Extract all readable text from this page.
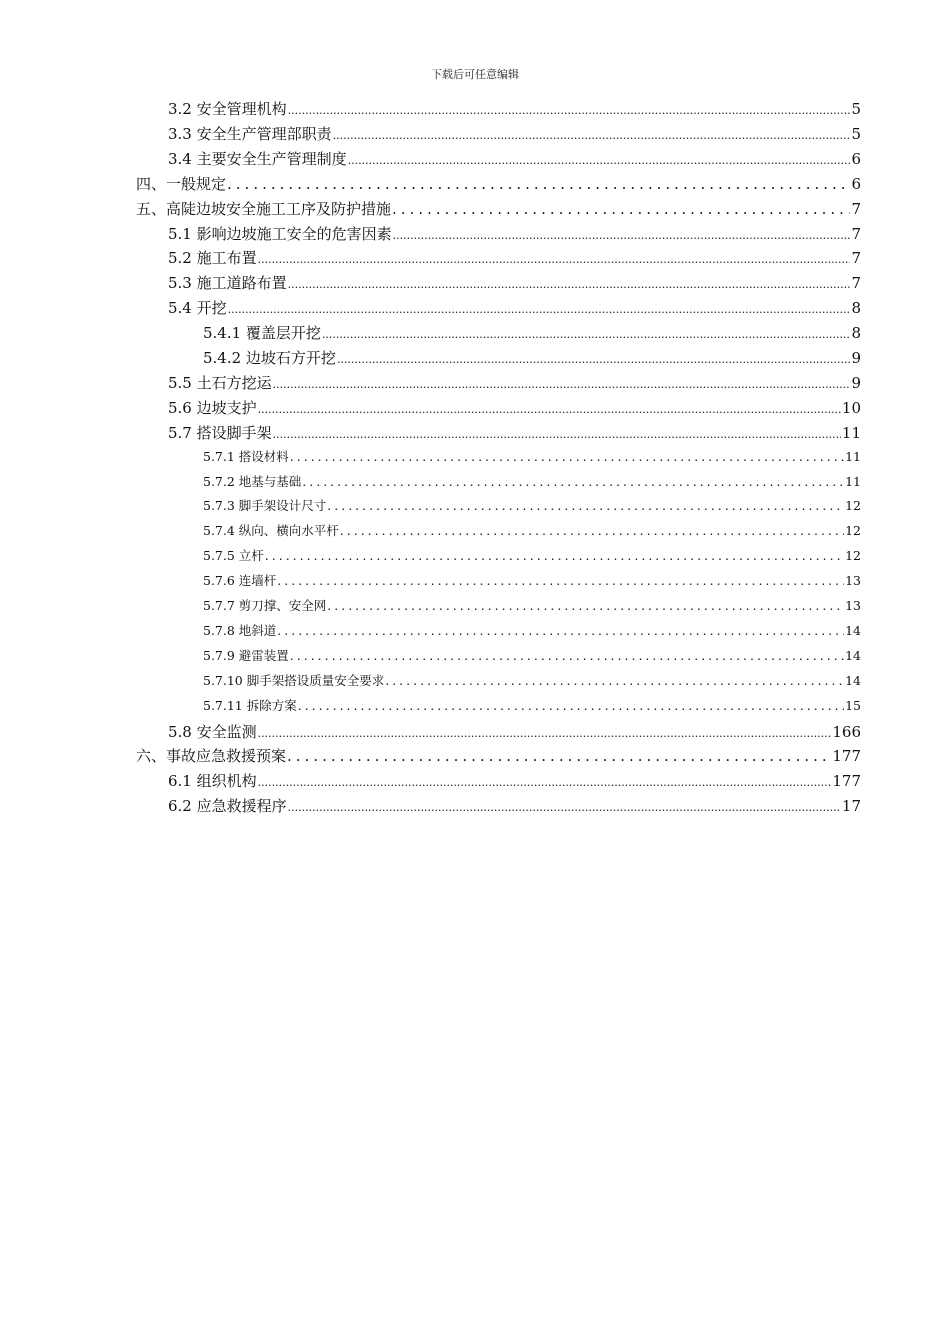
下载后可任意编辑
3.2 安全管理机构 .....	5
3.3 安全生产管理部职责 .....	5
3.4 主要安全生产管理制度 .....	6
四、一般规定 .....	6
五、高陡边坡安全施工工序及防护措施 .....	7
5.1 影响边坡施工安全的危害因素 .....	7
5.2 施工布置 .....	7
5.3 施工道路布置 .....	7
5.4 开挖 .....	8
5.4.1 覆盖层开挖 .....	8
5.4.2 边坡石方开挖 .....	9
5.5 土石方挖运 .....	9
5.6 边坡支护 .....	10
5.7 搭设脚手架 .....	11
5.7.1 搭设材料 .....	11
5.7.2 地基与基础 .....	11
5.7.3 脚手架设计尺寸 .....	12
5.7.4 纵向、横向水平杆 .....	12
5.7.5 立杆 .....	12
5.7.6 连墙杆 .....	13
5.7.7 剪刀撑、安全网 .....	13
5.7.8 地斜道 .....	14
5.7.9 避雷装置 .....	14
5.7.10 脚手架搭设质量安全要求 .....	14
5.7.11 拆除方案 .....	15
5.8 安全监测 .....	166
六、事故应急救援预案 .....	177
6.1 组织机构 .....	177
6.2 应急救援程序 .....	17
